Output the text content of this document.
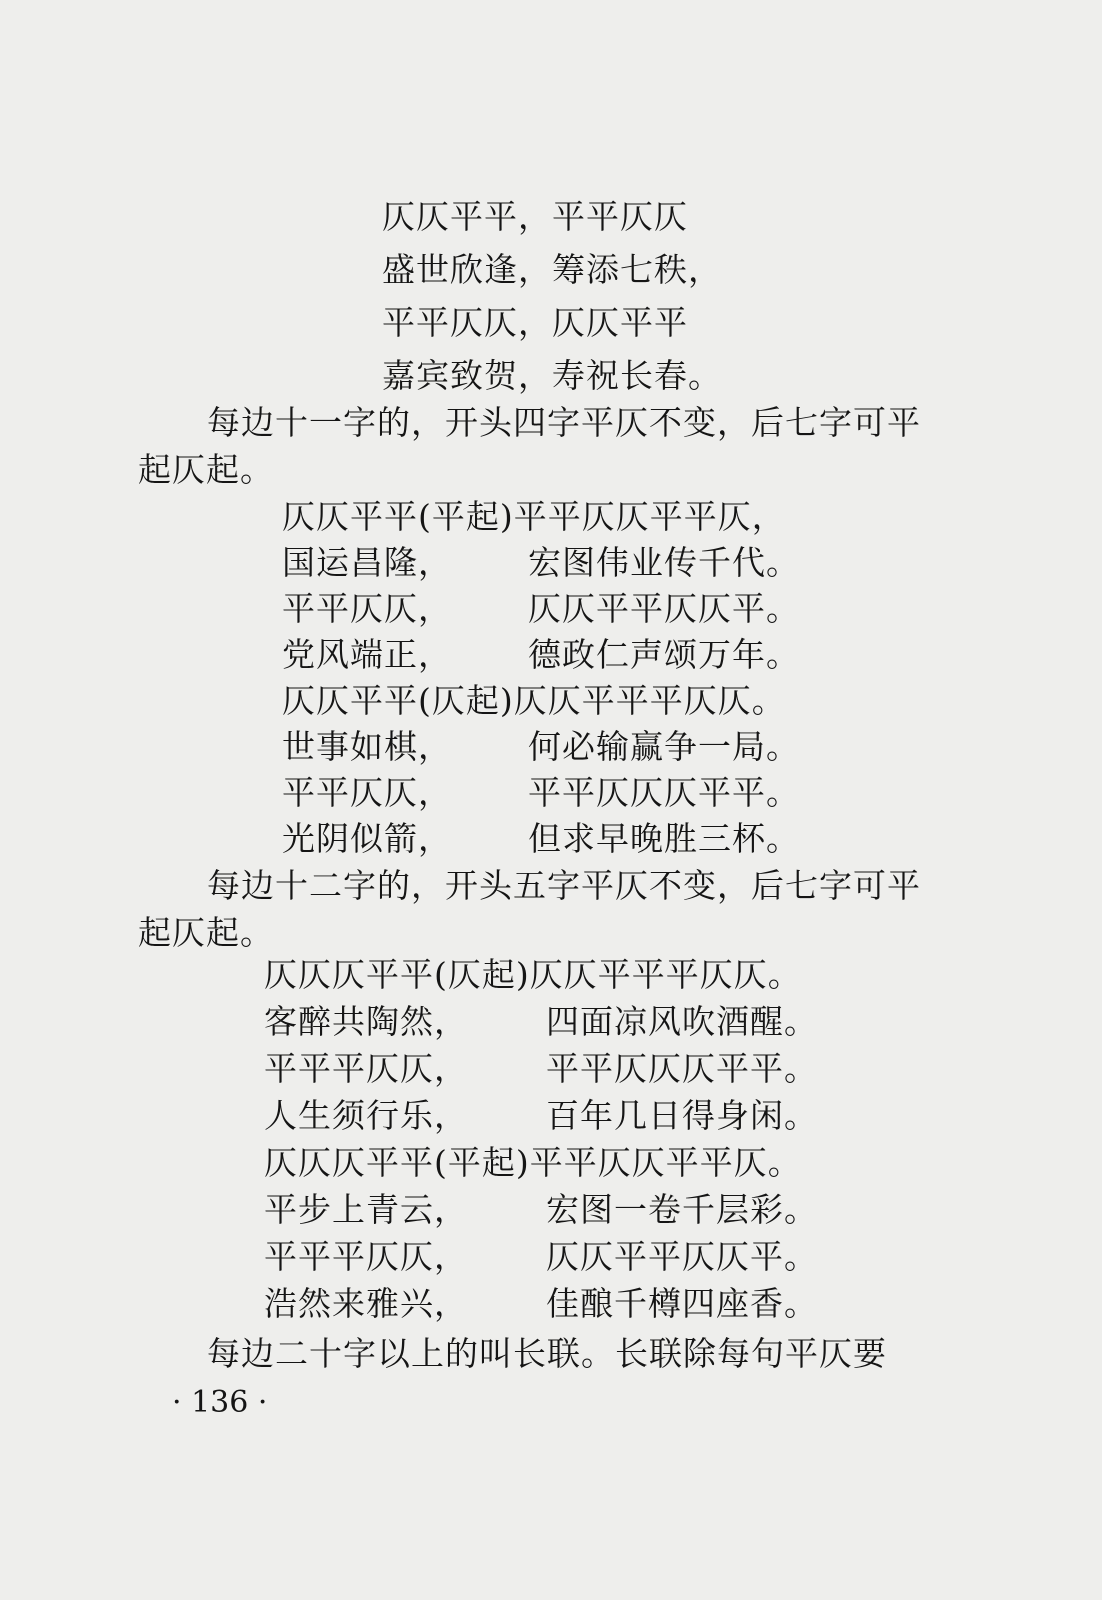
仄仄平平，平平仄仄
盛世欣逢，筹添七秩，
平平仄仄，仄仄平平
嘉宾致贺，寿祝长春。
每边十一字的，开头四字平仄不变，后七字可平
起仄起。
仄仄平平(平起)平平仄仄平平仄，
国运昌隆， 宏图伟业传千代。
平平仄仄， 仄仄平平仄仄平。
党风端正， 德政仁声颂万年。
仄仄平平(仄起)仄仄平平平仄仄。
世事如棋， 何必输赢争一局。
平平仄仄， 平平仄仄仄平平。
光阴似箭， 但求早晚胜三杯。
每边十二字的，开头五字平仄不变，后七字可平
起仄起。
仄仄仄平平(仄起)仄仄平平平仄仄。
客醉共陶然， 四面凉风吹酒醒。
平平平仄仄， 平平仄仄仄平平。
人生须行乐， 百年几日得身闲。
仄仄仄平平(平起)平平仄仄平平仄。
平步上青云， 宏图一卷千层彩。
平平平仄仄， 仄仄平平仄仄平。
浩然来雅兴， 佳酿千樽四座香。
每边二十字以上的叫长联。长联除每句平仄要
· 136 ·
